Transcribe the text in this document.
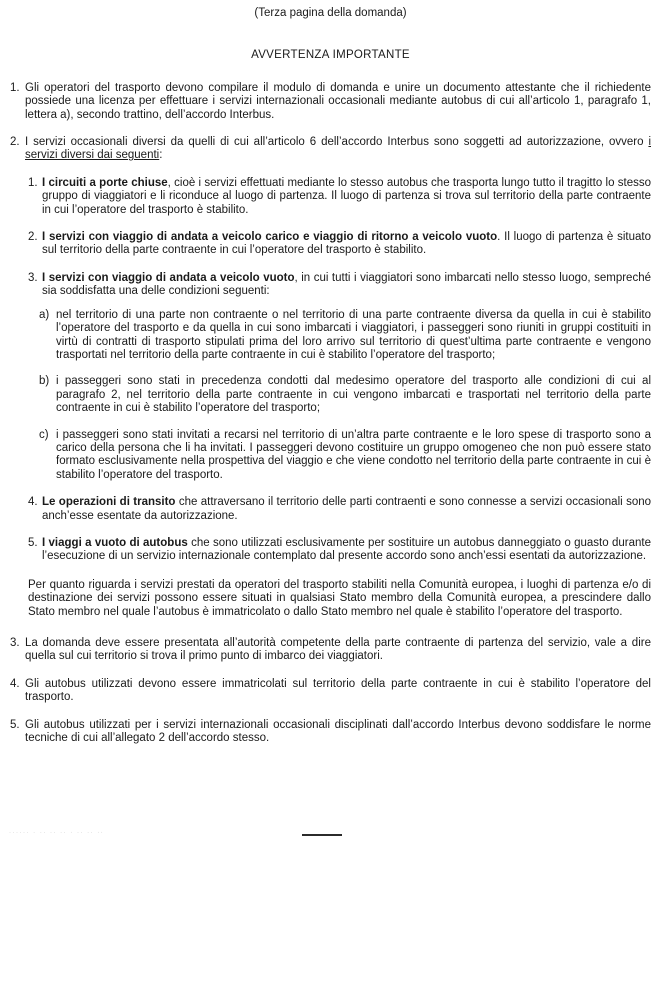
(Terza pagina della domanda)
AVVERTENZA IMPORTANTE
1. Gli operatori del trasporto devono compilare il modulo di domanda e unire un documento attestante che il richiedente possiede una licenza per effettuare i servizi internazionali occasionali mediante autobus di cui all’articolo 1, paragrafo 1, lettera a), secondo trattino, dell’accordo Interbus.
2. I servizi occasionali diversi da quelli di cui all’articolo 6 dell’accordo Interbus sono soggetti ad autorizzazione, ovvero i servizi diversi dai seguenti:
1. I circuiti a porte chiuse, cioè i servizi effettuati mediante lo stesso autobus che trasporta lungo tutto il tragitto lo stesso gruppo di viaggiatori e li riconduce al luogo di partenza. Il luogo di partenza si trova sul territorio della parte contraente in cui l’operatore del trasporto è stabilito.
2. I servizi con viaggio di andata a veicolo carico e viaggio di ritorno a veicolo vuoto. Il luogo di partenza è situato sul territorio della parte contraente in cui l’operatore del trasporto è stabilito.
3. I servizi con viaggio di andata a veicolo vuoto, in cui tutti i viaggiatori sono imbarcati nello stesso luogo, sempreché sia soddisfatta una delle condizioni seguenti:
a) nel territorio di una parte non contraente o nel territorio di una parte contraente diversa da quella in cui è stabilito l’operatore del trasporto e da quella in cui sono imbarcati i viaggiatori, i passeggeri sono riuniti in gruppi costituiti in virtù di contratti di trasporto stipulati prima del loro arrivo sul territorio di quest’ultima parte contraente e vengono trasportati nel territorio della parte contraente in cui è stabilito l’operatore del trasporto;
b) i passeggeri sono stati in precedenza condotti dal medesimo operatore del trasporto alle condizioni di cui al paragrafo 2, nel territorio della parte contraente in cui vengono imbarcati e trasportati nel territorio della parte contraente in cui è stabilito l’operatore del trasporto;
c) i passeggeri sono stati invitati a recarsi nel territorio di un’altra parte contraente e le loro spese di trasporto sono a carico della persona che li ha invitati. I passeggeri devono costituire un gruppo omogeneo che non può essere stato formato esclusivamente nella prospettiva del viaggio e che viene condotto nel territorio della parte contraente in cui è stabilito l’operatore del trasporto.
4. Le operazioni di transito che attraversano il territorio delle parti contraenti e sono connesse a servizi occasionali sono anch’esse esentate da autorizzazione.
5. I viaggi a vuoto di autobus che sono utilizzati esclusivamente per sostituire un autobus danneggiato o guasto durante l’esecuzione di un servizio internazionale contemplato dal presente accordo sono anch’essi esentati da autorizzazione.
Per quanto riguarda i servizi prestati da operatori del trasporto stabiliti nella Comunità europea, i luoghi di partenza e/o di destinazione dei servizi possono essere situati in qualsiasi Stato membro della Comunità europea, a prescindere dallo Stato membro nel quale l’autobus è immatricolato o dallo Stato membro nel quale è stabilito l’operatore del trasporto.
3. La domanda deve essere presentata all’autorità competente della parte contraente di partenza del servizio, vale a dire quella sul cui territorio si trova il primo punto di imbarco dei viaggiatori.
4. Gli autobus utilizzati devono essere immatricolati sul territorio della parte contraente in cui è stabilito l’operatore del trasporto.
5. Gli autobus utilizzati per i servizi internazionali occasionali disciplinati dall’accordo Interbus devono soddisfare le norme tecniche di cui all’allegato 2 dell’accordo stesso.
······ · ·· ·· ·· · ·· ·· ··
